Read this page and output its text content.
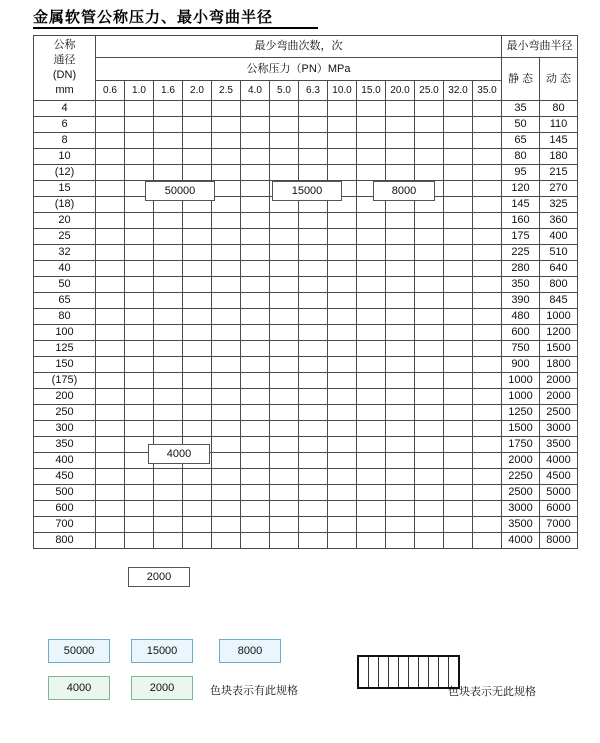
金属软管公称压力、最小弯曲半径
公称
通径
(DN)
mm	最少弯曲次数，次														最小弯曲半径	
	公称压力（PN）MPa														静 态	动 态
	0.6	1.0	1.6	2.0	2.5	4.0	5.0	6.3	10.0	15.0	20.0	25.0	32.0	35.0		
4															35	80
6															50	110
8															65	145
10															80	180
(12)															95	215
15															120	270
(18)															145	325
20															160	360
25															175	400
32															225	510
40															280	640
50															350	800
65															390	845
80															480	1000
100															600	1200
125															750	1500
150															900	1800
(175)															1000	2000
200															1000	2000
250															1250	2500
300															1500	3000
350															1750	3500
400															2000	4000
450															2250	4500
500															2500	5000
600															3000	6000
700															3500	7000
800															4000	8000
50000	15000	8000
4000
2000
50000	15000	8000
4000	2000	色块表示有此规格
										色块表示无此规格
